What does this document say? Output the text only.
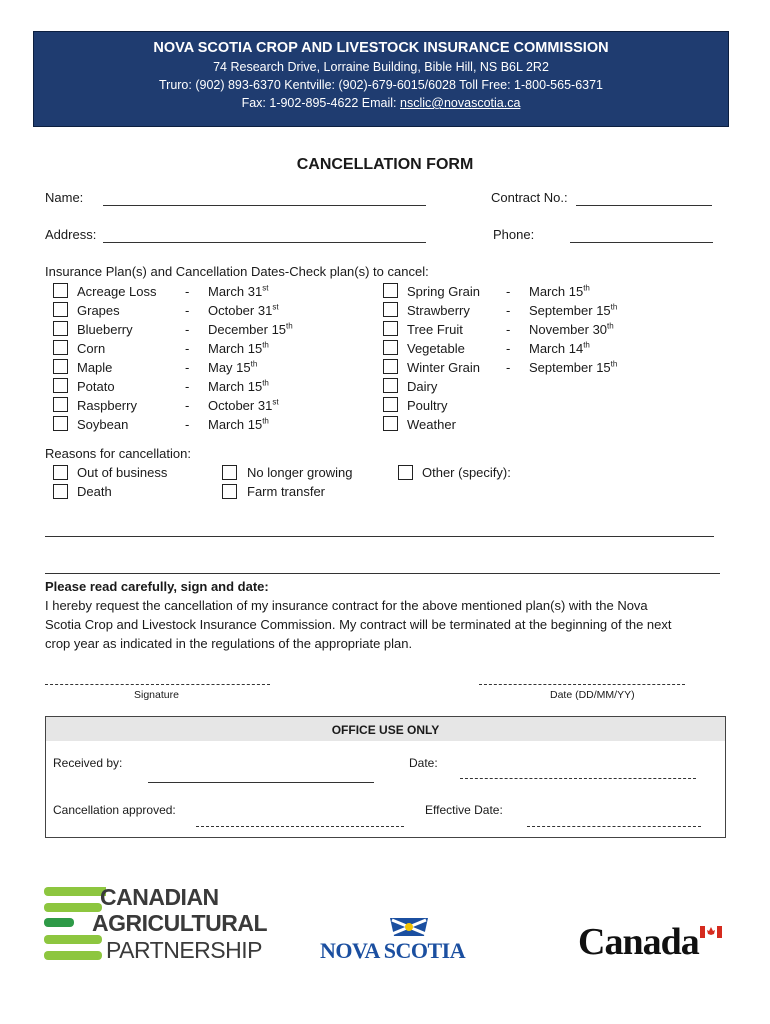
NOVA SCOTIA CROP AND LIVESTOCK INSURANCE COMMISSION
74 Research Drive, Lorraine Building, Bible Hill, NS B6L 2R2
Truro: (902) 893-6370 Kentville: (902)-679-6015/6028 Toll Free: 1-800-565-6371
Fax: 1-902-895-4622 Email: nsclic@novascotia.ca
CANCELLATION FORM
Name:	Contract No.:
Address:	Phone:
Insurance Plan(s) and Cancellation Dates-Check plan(s) to cancel:
Acreage Loss - March 31st
Grapes	- October 31st
Blueberry	- December 15th
Corn	- March 15th
Maple	- May 15th
Potato	- March 15th
Raspberry	- October 31st
Soybean	- March 15th
Spring Grain - March 15th
Strawberry	- September 15th
Tree Fruit	- November 30th
Vegetable	- March 14th
Winter Grain - September 15th
Dairy
Poultry
Weather
Reasons for cancellation:
Out of business
Death
No longer growing
Farm transfer
Other (specify):
Please read carefully, sign and date:
I hereby request the cancellation of my insurance contract for the above mentioned plan(s) with the Nova
Scotia Crop and Livestock Insurance Commission. My contract will be terminated at the beginning of the next
crop year as indicated in the regulations of the appropriate plan.
Signature	Date (DD/MM/YY)
OFFICE USE ONLY
Received by:	Date:
Cancellation approved:	Effective Date:
CANADIAN
AGRICULTURAL
PARTNERSHIP	NOVA SCOTIA	Canada
